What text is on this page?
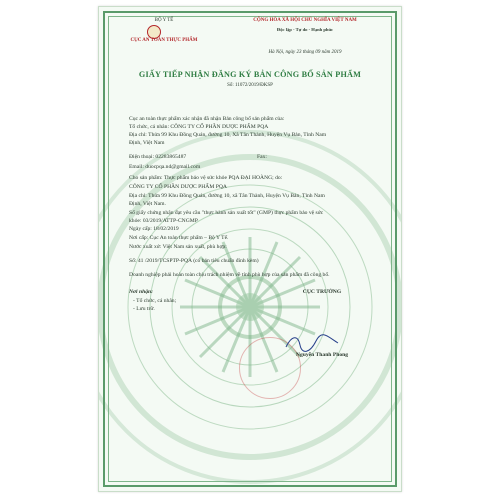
BỘ Y TẾ
CỤC AN TOÀN THỰC PHẨM
CỘNG HÒA XÃ HỘI CHỦ NGHĨA VIỆT NAM
Độc lập - Tự do - Hạnh phúc
Hà Nội, ngày 23 tháng 09 năm 2019
GIẤY TIẾP NHẬN ĐĂNG KÝ BẢN CÔNG BỐ SẢN PHẨM
Số: 11072/2019/ĐKSP
Cục an toàn thực phẩm xác nhận đã nhận Bản công bố sản phẩm của:
Tổ chức, cá nhân: CÔNG TY CỔ PHẦN DƯỢC PHẨM PQA
Địa chỉ: Thửa 99 Khu Đồng Quán, đường 10, Xã Tân Thành, Huyện Vụ Bản, Tỉnh Nam
Định, Việt Nam
Điện thoại: 02283865487	Fax:
Email: duocpqa.nd@gmail.com
Cho sản phẩm: Thực phẩm bảo vệ sức khỏe PQA ĐẠI HOÀNG; do:
CÔNG TY CỔ PHẦN DƯỢC PHẨM PQA
Địa chỉ: Thửa 99 Khu Đồng Quán, đường 10, xã Tân Thành, Huyện Vụ Bản, Tỉnh Nam
Định, Việt Nam.
Số giấy chứng nhận đạt yêu cầu "thực hành sản xuất tốt" (GMP) thực phẩm bảo vệ sức
khỏe: 03/2019/ATTP-CNGMP
Ngày cấp: 18/02/2019
Nơi cấp: Cục An toàn thực phẩm – Bộ Y Tế.
Nước xuất xứ: Việt Nam sản xuất, phù hợp:
Số: 41 /2019/TCSPTP-PQA (có bản tiêu chuẩn đính kèm)
Doanh nghiệp phải hoàn toàn chịu trách nhiệm về tính phù hợp của sản phẩm đã công bố.
Nơi nhận:
- Tổ chức, cá nhân;
- Lưu trữ.
CỤC TRƯỞNG
Nguyễn Thanh Phong
